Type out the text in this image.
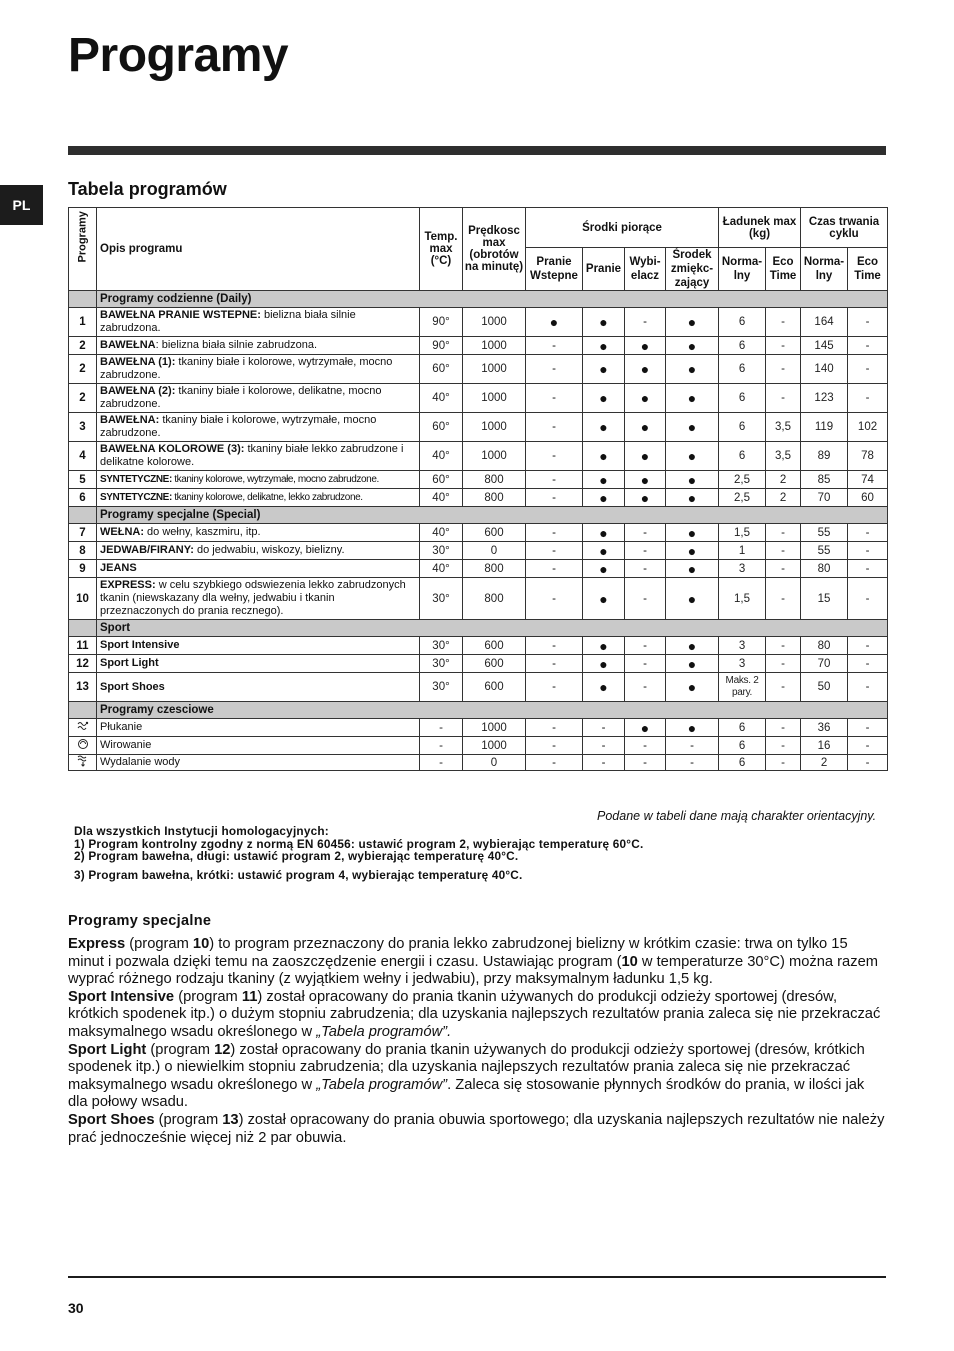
Programy
PL
Tabela programów
Programy	Opis programu	Temp. max (°C)	Prędkosc max (obrotów na minutę)	Środki piorące				Ładunek max (kg)		Czas trwania cyklu	
				Pranie Wstepne	Pranie	Wybi-elacz	Środek zmiękc-zający	Norma-lny	Eco Time	Norma-lny	Eco Time
	Programy codzienne (Daily)										
1	BAWEŁNA PRANIE WSTEPNE: bielizna biała silnie zabrudzona.	90°	1000	●	●	-	●	6	-	164	-
2	BAWEŁNA: bielizna biała silnie zabrudzona.	90°	1000	-	●	●	●	6	-	145	-
2	BAWEŁNA (1): tkaniny białe i kolorowe, wytrzymałe, mocno zabrudzone.	60°	1000	-	●	●	●	6	-	140	-
2	BAWEŁNA (2): tkaniny białe i kolorowe, delikatne, mocno zabrudzone.	40°	1000	-	●	●	●	6	-	123	-
3	BAWEŁNA: tkaniny białe i kolorowe, wytrzymałe, mocno zabrudzone.	60°	1000	-	●	●	●	6	3,5	119	102
4	BAWEŁNA KOLOROWE (3): tkaniny białe lekko zabrudzone i delikatne kolorowe.	40°	1000	-	●	●	●	6	3,5	89	78
5	SYNTETYCZNE: tkaniny kolorowe, wytrzymałe, mocno zabrudzone.	60°	800	-	●	●	●	2,5	2	85	74
6	SYNTETYCZNE: tkaniny kolorowe, delikatne, lekko zabrudzone.	40°	800	-	●	●	●	2,5	2	70	60
	Programy specjalne (Special)										
7	WEŁNA: do wełny, kaszmiru, itp.	40°	600	-	●	-	●	1,5	-	55	-
8	JEDWAB/FIRANY: do jedwabiu, wiskozy, bielizny.	30°	0	-	●	-	●	1	-	55	-
9	JEANS	40°	800	-	●	-	●	3	-	80	-
10	EXPRESS: w celu szybkiego odswiezenia lekko zabrudzonych tkanin (niewskazany dla wełny, jedwabiu i tkanin przeznaczonych do prania recznego).	30°	800	-	●	-	●	1,5	-	15	-
	Sport										
11	Sport Intensive	30°	600	-	●	-	●	3	-	80	-
12	Sport Light	30°	600	-	●	-	●	3	-	70	-
13	Sport Shoes	30°	600	-	●	-	●	Maks. 2 pary.	-	50	-
	Programy czesciowe										
	Płukanie	-	1000	-	-	●	●	6	-	36	-
	Wirowanie	-	1000	-	-	-	-	6	-	16	-
	Wydalanie wody	-	0	-	-	-	-	6	-	2	-
Podane w tabeli dane mają charakter orientacyjny.
Dla wszystkich Instytucji homologacyjnych:
1) Program kontrolny zgodny z normą EN 60456: ustawić program 2, wybierając temperaturę 60°C.
2) Program bawełna, długi: ustawić program 2, wybierając temperaturę 40°C.
3) Program bawełna, krótki: ustawić program 4, wybierając temperaturę 40°C.
Programy specjalne

Express (program 10) to program przeznaczony do prania lekko zabrudzonej bielizny w krótkim czasie: trwa on tylko 15 minut i pozwala dzięki temu na zaoszczędzenie energii i czasu. Ustawiając program (10 w temperaturze 30°C) można razem wyprać różnego rodzaju tkaniny (z wyjątkiem wełny i jedwabiu), przy maksymalnym ładunku 1,5 kg.

Sport Intensive (program 11) został opracowany do prania tkanin używanych do produkcji odzieży sportowej (dresów, krótkich spodenek itp.) o dużym stopniu zabrudzenia; dla uzyskania najlepszych rezultatów prania zaleca się nie przekraczać maksymalnego wsadu określonego w „Tabela programów”.

Sport Light (program 12) został opracowany do prania tkanin używanych do produkcji odzieży sportowej (dresów, krótkich spodenek itp.) o niewielkim stopniu zabrudzenia; dla uzyskania najlepszych rezultatów prania zaleca się nie przekraczać maksymalnego wsadu określonego w „Tabela programów”. Zaleca się stosowanie płynnych środków do prania, w ilości jak dla połowy wsadu.

Sport Shoes (program 13) został opracowany do prania obuwia sportowego; dla uzyskania najlepszych rezultatów nie należy prać jednocześnie więcej niż 2 par obuwia.

30
